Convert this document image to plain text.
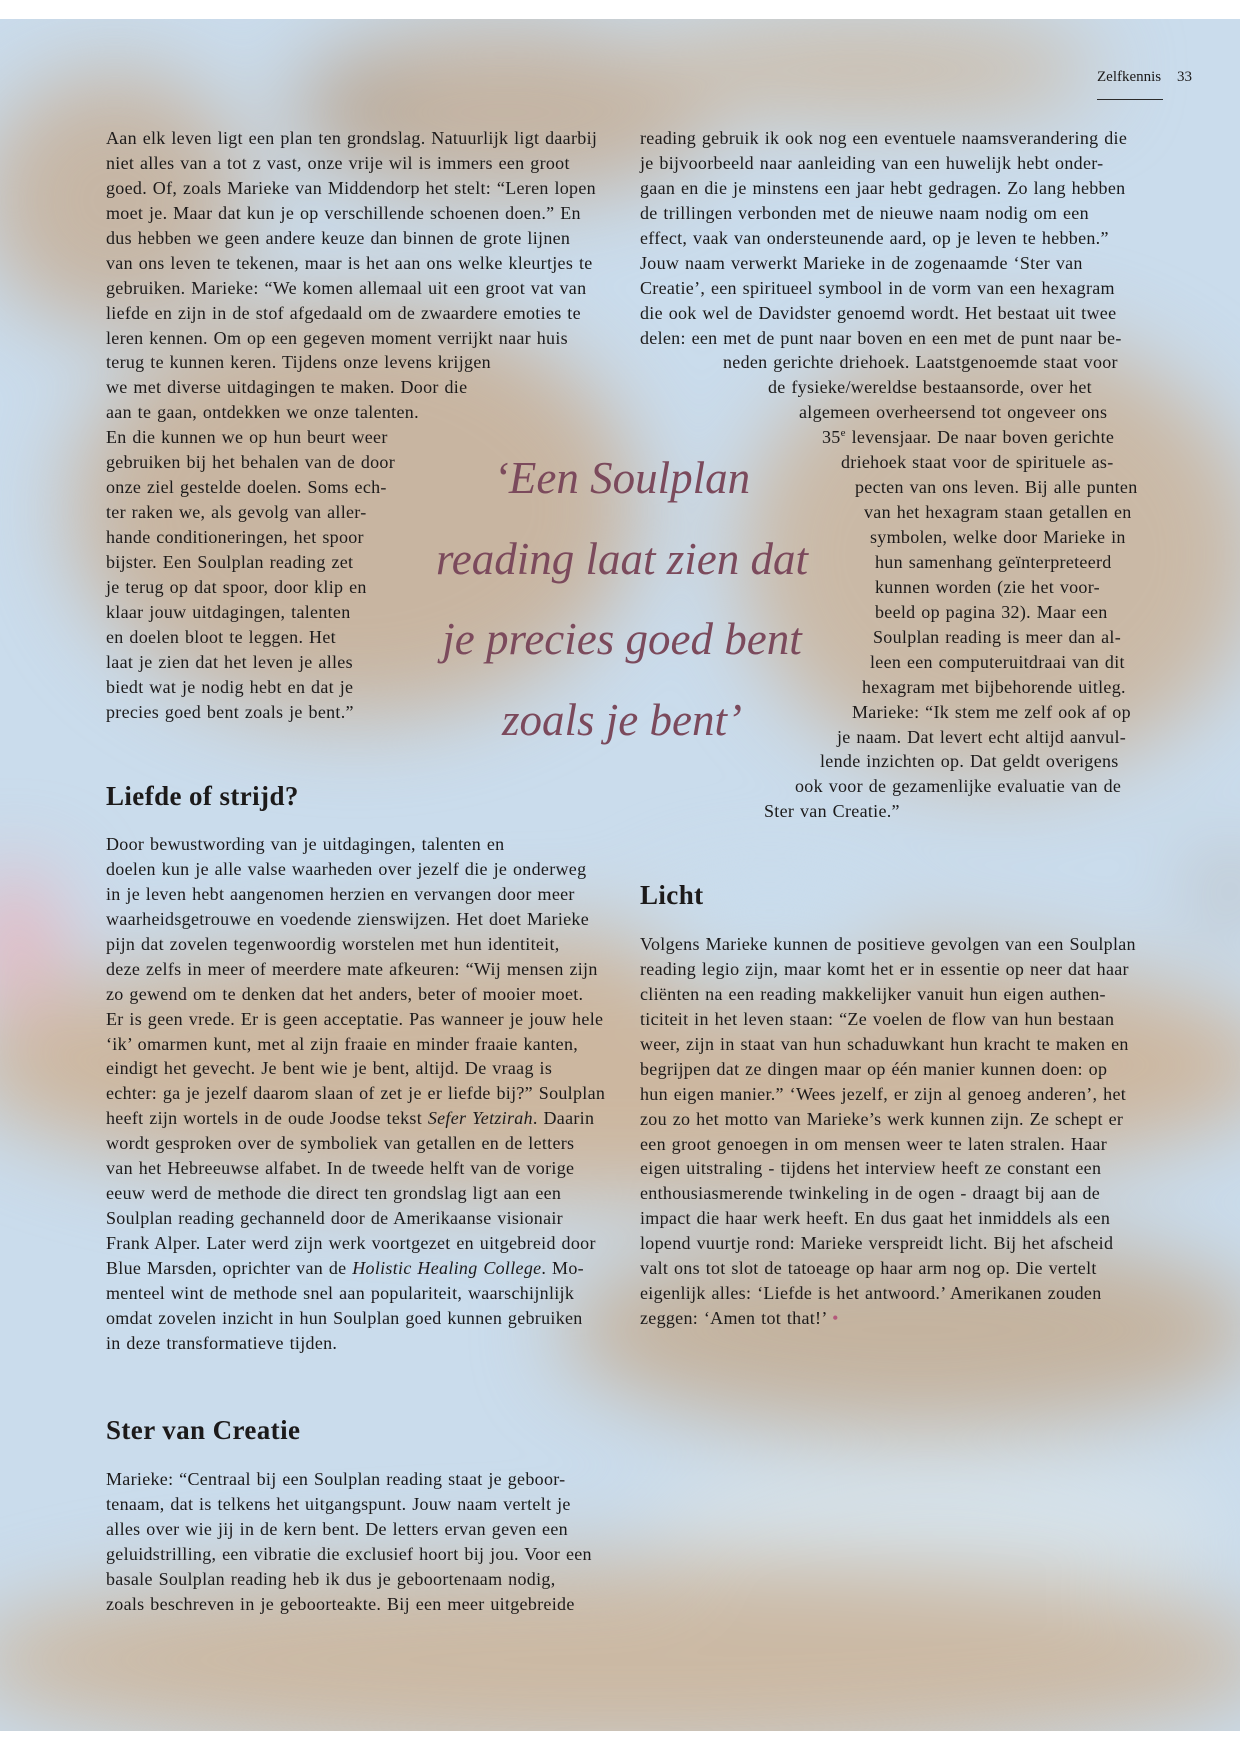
Zelfkennis 33
Aan elk leven ligt een plan ten grondslag. Natuurlijk ligt daarbij
niet alles van a tot z vast, onze vrije wil is immers een groot
goed. Of, zoals Marieke van Middendorp het stelt: “Leren lopen
moet je. Maar dat kun je op verschillende schoenen doen.” En
dus hebben we geen andere keuze dan binnen de grote lijnen
van ons leven te tekenen, maar is het aan ons welke kleurtjes te
gebruiken. Marieke: “We komen allemaal uit een groot vat van
liefde en zijn in de stof afgedaald om de zwaardere emoties te
leren kennen. Om op een gegeven moment verrijkt naar huis
terug te kunnen keren. Tijdens onze levens krijgen
we met diverse uitdagingen te maken. Door die
aan te gaan, ontdekken we onze talenten.
En die kunnen we op hun beurt weer
gebruiken bij het behalen van de door
onze ziel gestelde doelen. Soms ech-
ter raken we, als gevolg van aller-
hande conditioneringen, het spoor
bijster. Een Soulplan reading zet
je terug op dat spoor, door klip en
klaar jouw uitdagingen, talenten
en doelen bloot te leggen. Het
laat je zien dat het leven je alles
biedt wat je nodig hebt en dat je
precies goed bent zoals je bent.”
Liefde of strijd?
Door bewustwording van je uitdagingen, talenten en
doelen kun je alle valse waarheden over jezelf die je onderweg
in je leven hebt aangenomen herzien en vervangen door meer
waarheidsgetrouwe en voedende zienswijzen. Het doet Marieke
pijn dat zovelen tegenwoordig worstelen met hun identiteit,
deze zelfs in meer of meerdere mate afkeuren: “Wij mensen zijn
zo gewend om te denken dat het anders, beter of mooier moet.
Er is geen vrede. Er is geen acceptatie. Pas wanneer je jouw hele
‘ik’ omarmen kunt, met al zijn fraaie en minder fraaie kanten,
eindigt het gevecht. Je bent wie je bent, altijd. De vraag is
echter: ga je jezelf daarom slaan of zet je er liefde bij?” Soulplan
heeft zijn wortels in de oude Joodse tekst Sefer Yetzirah. Daarin
wordt gesproken over de symboliek van getallen en de letters
van het Hebreeuwse alfabet. In de tweede helft van de vorige
eeuw werd de methode die direct ten grondslag ligt aan een
Soulplan reading gechanneld door de Amerikaanse visionair
Frank Alper. Later werd zijn werk voortgezet en uitgebreid door
Blue Marsden, oprichter van de Holistic Healing College. Mo-
menteel wint de methode snel aan populariteit, waarschijnlijk
omdat zovelen inzicht in hun Soulplan goed kunnen gebruiken
in deze transformatieve tijden.
Ster van Creatie
Marieke: “Centraal bij een Soulplan reading staat je geboor-
tenaam, dat is telkens het uitgangspunt. Jouw naam vertelt je
alles over wie jij in de kern bent. De letters ervan geven een
geluidstrilling, een vibratie die exclusief hoort bij jou. Voor een
basale Soulplan reading heb ik dus je geboortenaam nodig,
zoals beschreven in je geboorteakte. Bij een meer uitgebreide
‘Een Soulplan
reading laat zien dat
je precies goed bent
zoals je bent’
reading gebruik ik ook nog een eventuele naamsverandering die
je bijvoorbeeld naar aanleiding van een huwelijk hebt onder-
gaan en die je minstens een jaar hebt gedragen. Zo lang hebben
de trillingen verbonden met de nieuwe naam nodig om een
effect, vaak van ondersteunende aard, op je leven te hebben.”
Jouw naam verwerkt Marieke in de zogenaamde ‘Ster van
Creatie’, een spiritueel symbool in de vorm van een hexagram
die ook wel de Davidster genoemd wordt. Het bestaat uit twee
delen: een met de punt naar boven en een met de punt naar be-
neden gerichte driehoek. Laatstgenoemde staat voor
de fysieke/wereldse bestaansorde, over het
algemeen overheersend tot ongeveer ons
35e levensjaar. De naar boven gerichte
driehoek staat voor de spirituele as-
pecten van ons leven. Bij alle punten
van het hexagram staan getallen en
symbolen, welke door Marieke in
hun samenhang geïnterpreteerd
kunnen worden (zie het voor-
beeld op pagina 32). Maar een
Soulplan reading is meer dan al-
leen een computeruitdraai van dit
hexagram met bijbehorende uitleg.
Marieke: “Ik stem me zelf ook af op
je naam. Dat levert echt altijd aanvul-
lende inzichten op. Dat geldt overigens
ook voor de gezamenlijke evaluatie van de
Ster van Creatie.”
Licht
Volgens Marieke kunnen de positieve gevolgen van een Soulplan
reading legio zijn, maar komt het er in essentie op neer dat haar
cliënten na een reading makkelijker vanuit hun eigen authen-
ticiteit in het leven staan: “Ze voelen de flow van hun bestaan
weer, zijn in staat van hun schaduwkant hun kracht te maken en
begrijpen dat ze dingen maar op één manier kunnen doen: op
hun eigen manier.” ‘Wees jezelf, er zijn al genoeg anderen’, het
zou zo het motto van Marieke’s werk kunnen zijn. Ze schept er
een groot genoegen in om mensen weer te laten stralen. Haar
eigen uitstraling - tijdens het interview heeft ze constant een
enthousiasmerende twinkeling in de ogen - draagt bij aan de
impact die haar werk heeft. En dus gaat het inmiddels als een
lopend vuurtje rond: Marieke verspreidt licht. Bij het afscheid
valt ons tot slot de tatoeage op haar arm nog op. Die vertelt
eigenlijk alles: ‘Liefde is het antwoord.’ Amerikanen zouden
zeggen: ‘Amen tot that!’ •
